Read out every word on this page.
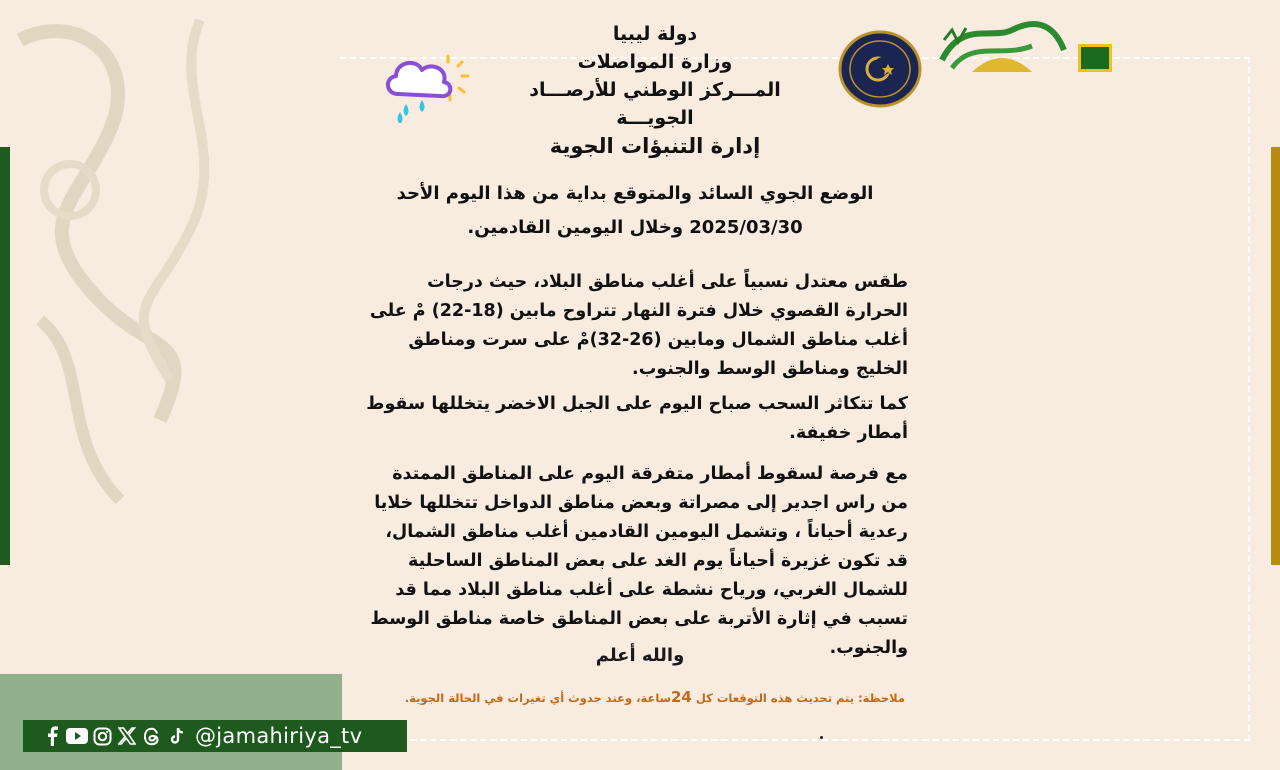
دولة ليبيا
وزارة المواصلات
المـــركز الوطني للأرصـــاد الجويـــة
إدارة التنبؤات الجوية
الوضع الجوي السائد والمتوقع بداية من هذا اليوم الأحد
2025/03/30 وخلال اليومين القادمين.
طقس معتدل نسبياً على أغلب مناطق البلاد، حيث درجات الحرارة القصوي خلال فترة النهار تتراوح مابين (18-22) مْ على أغلب مناطق الشمال ومابين (26-32)مْ على سرت ومناطق الخليج ومناطق الوسط والجنوب.
كما تتكاثر السحب صباح اليوم على الجبل الاخضر يتخللها سقوط أمطار خفيفة.
مع فرصة لسقوط أمطار متفرقة اليوم على المناطق الممتدة من راس اجدير إلى مصراتة وبعض مناطق الدواخل تتخللها خلايا رعدية أحياناً ، وتشمل اليومين القادمين أغلب مناطق الشمال، قد تكون غزيرة أحياناً يوم الغد على بعض المناطق الساحلية للشمال الغربي، ورياح نشطة على أغلب مناطق البلاد مما قد تسبب في إثارة الأتربة على بعض المناطق خاصة مناطق الوسط والجنوب.
والله أعلم
ملاحظة: يتم تحديث هذه التوقعات كل 24ساعة، وعند حدوث أي تغيرات في الحالة الجوية.
@jamahiriya_tv
